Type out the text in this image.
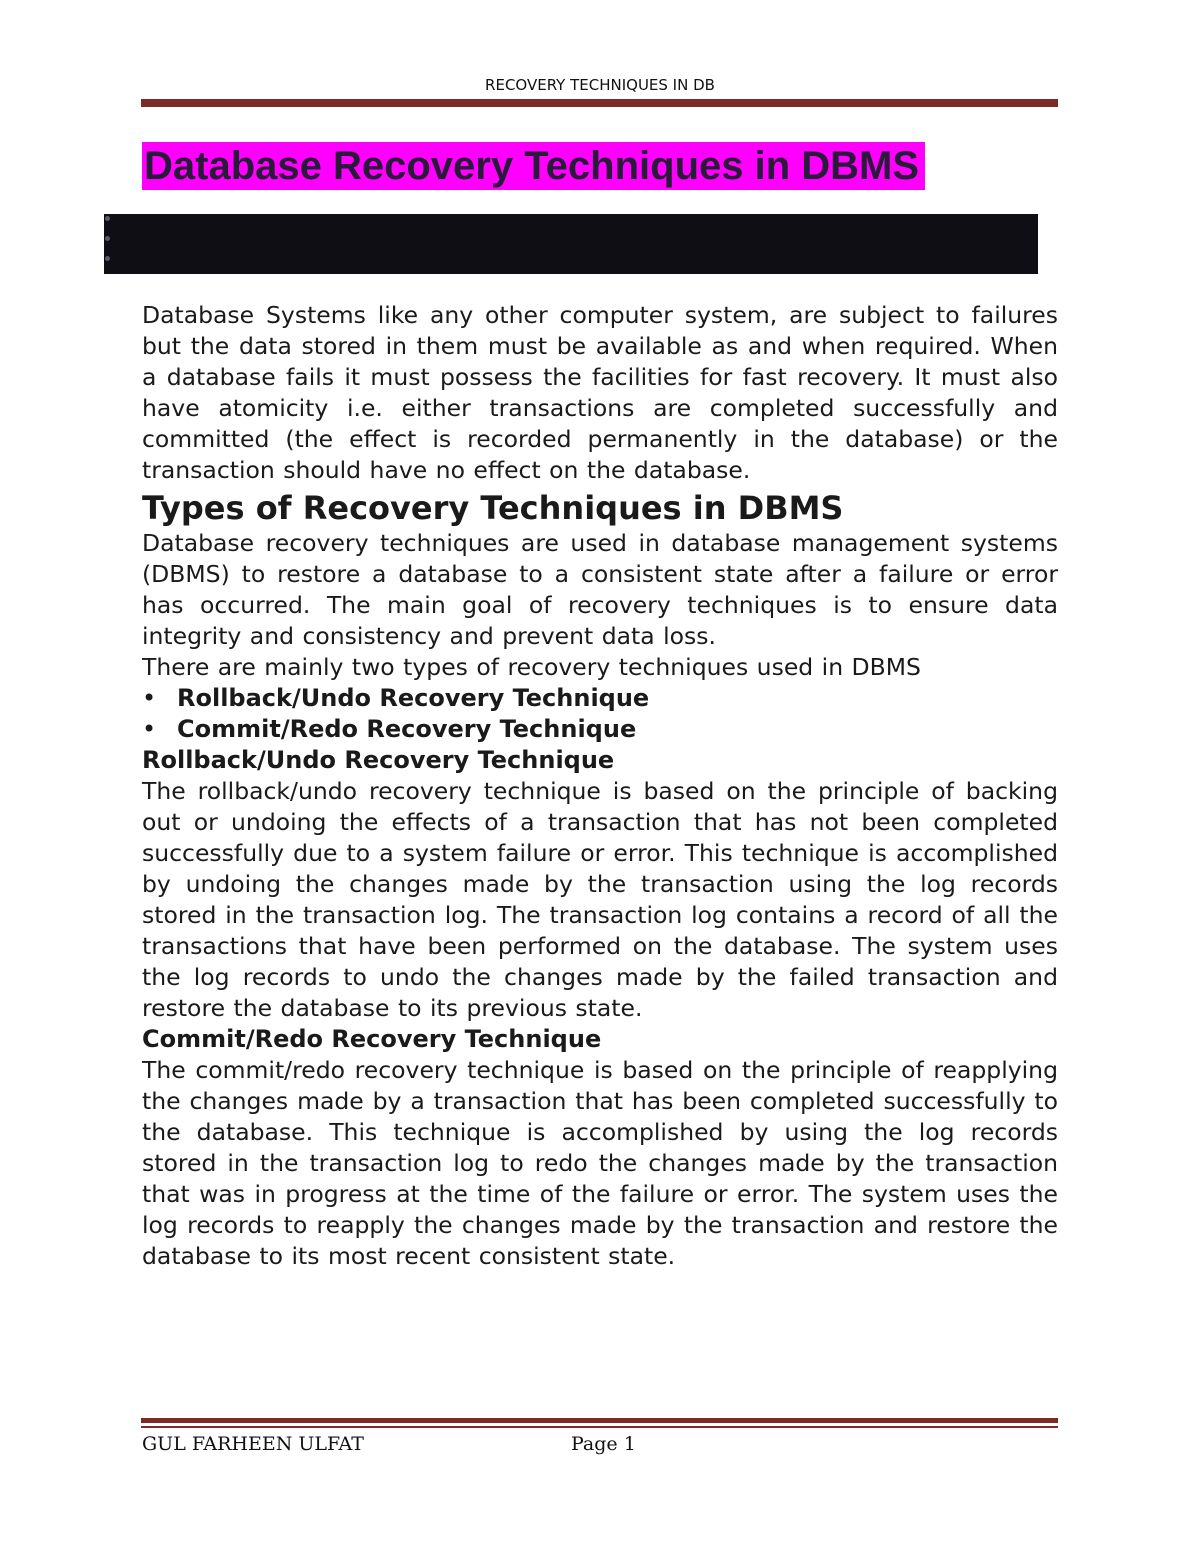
RECOVERY TECHNIQUES IN DB
Database Recovery Techniques in DBMS

Database Systems like any other computer system, are subject to failures but the data stored in them must be available as and when required. When a database fails it must possess the facilities for fast recovery. It must also have atomicity i.e. either transactions are completed successfully and committed (the effect is recorded permanently in the database) or the transaction should have no effect on the database.

Types of Recovery Techniques in DBMS

Database recovery techniques are used in database management systems (DBMS) to restore a database to a consistent state after a failure or error has occurred. The main goal of recovery techniques is to ensure data integrity and consistency and prevent data loss.

There are mainly two types of recovery techniques used in DBMS

• Rollback/Undo Recovery Technique
• Commit/Redo Recovery Technique
Rollback/Undo Recovery Technique

The rollback/undo recovery technique is based on the principle of backing out or undoing the effects of a transaction that has not been completed successfully due to a system failure or error. This technique is accomplished by undoing the changes made by the transaction using the log records stored in the transaction log. The transaction log contains a record of all the transactions that have been performed on the database. The system uses the log records to undo the changes made by the failed transaction and restore the database to its previous state.

Commit/Redo Recovery Technique

The commit/redo recovery technique is based on the principle of reapplying the changes made by a transaction that has been completed successfully to the database. This technique is accomplished by using the log records stored in the transaction log to redo the changes made by the transaction that was in progress at the time of the failure or error. The system uses the log records to reapply the changes made by the transaction and restore the database to its most recent consistent state.

GUL FARHEEN ULFAT	Page 1
